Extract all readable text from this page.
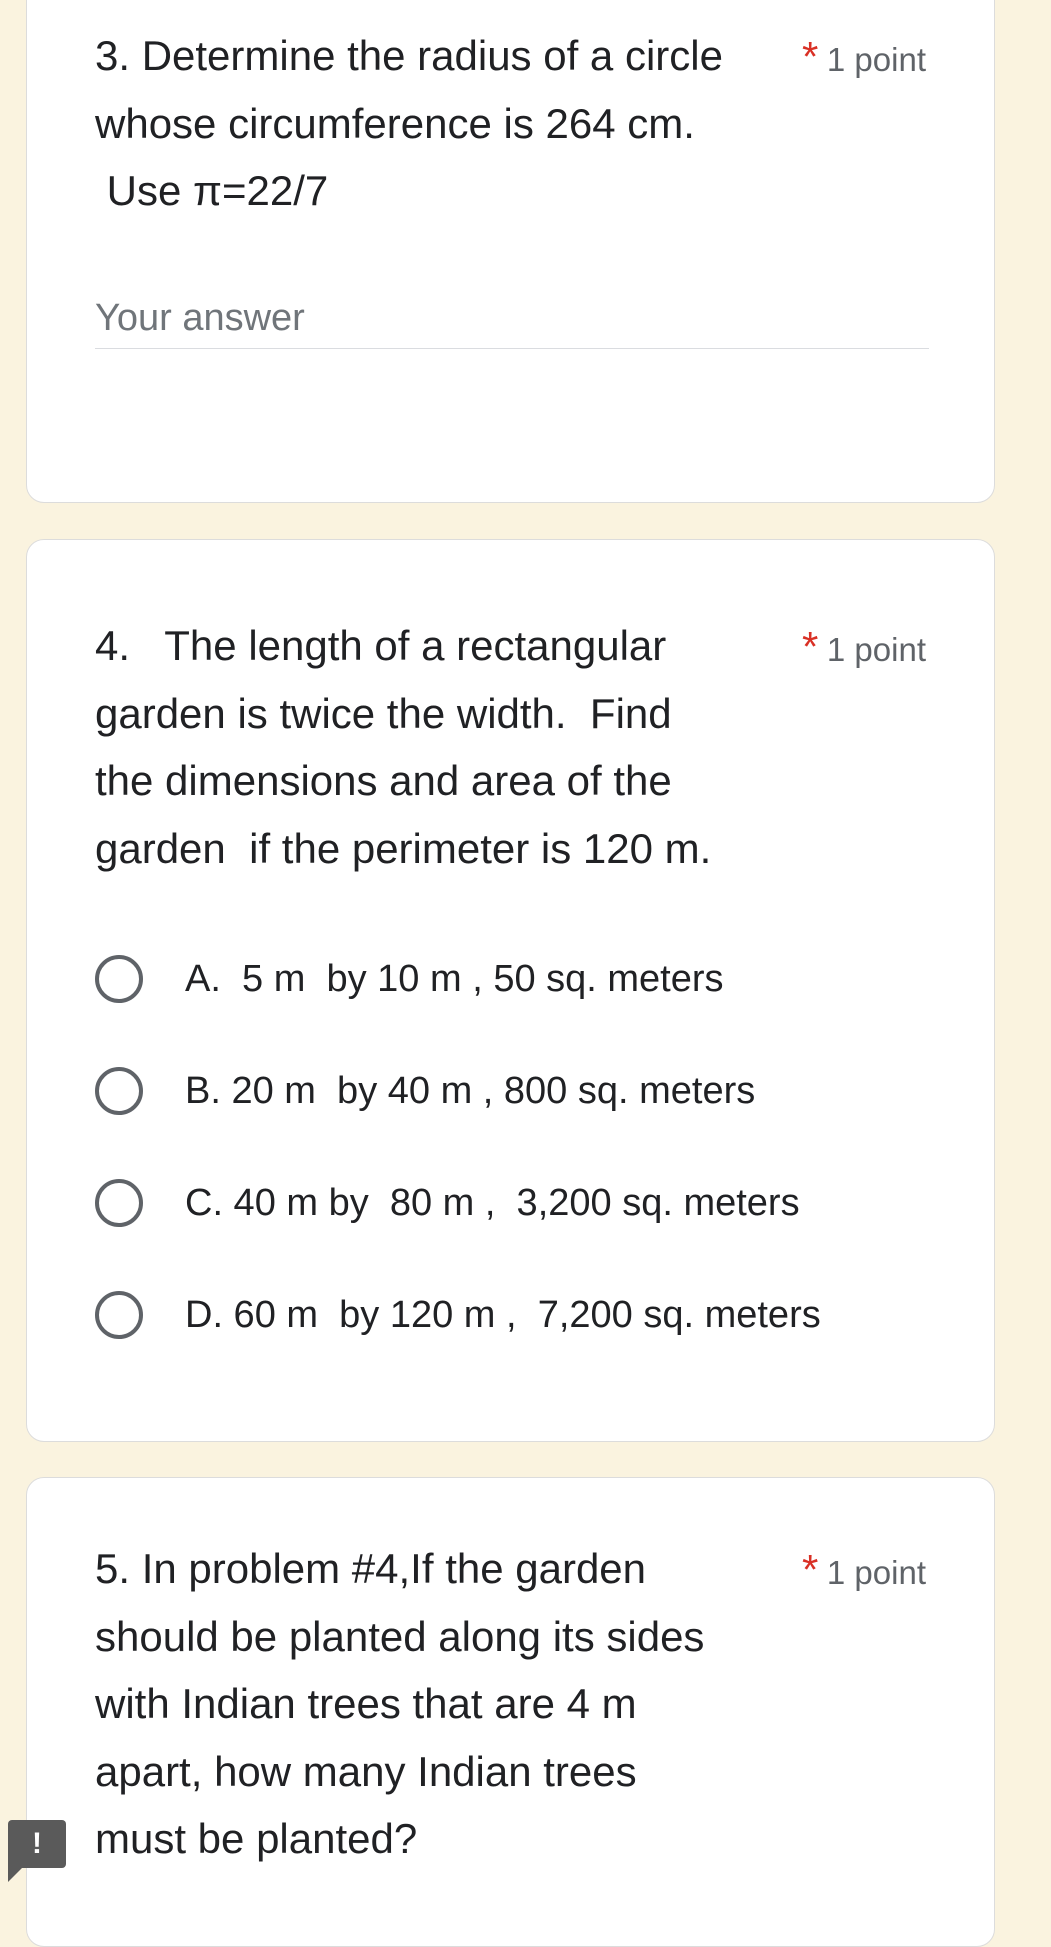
3. Determine the radius of a circle
whose circumference is 264 cm.
Use π=22/7
* 1 point
Your answer
4.   The length of a rectangular
garden is twice the width.  Find
the dimensions and area of the
garden  if the perimeter is 120 m.
* 1 point
A.  5 m  by 10 m , 50 sq. meters
B. 20 m  by 40 m , 800 sq. meters
C. 40 m by  80 m ,  3,200 sq. meters
D. 60 m  by 120 m ,  7,200 sq. meters
5. In problem #4,If the garden
should be planted along its sides
with Indian trees that are 4 m
apart, how many Indian trees
must be planted?
* 1 point
!
